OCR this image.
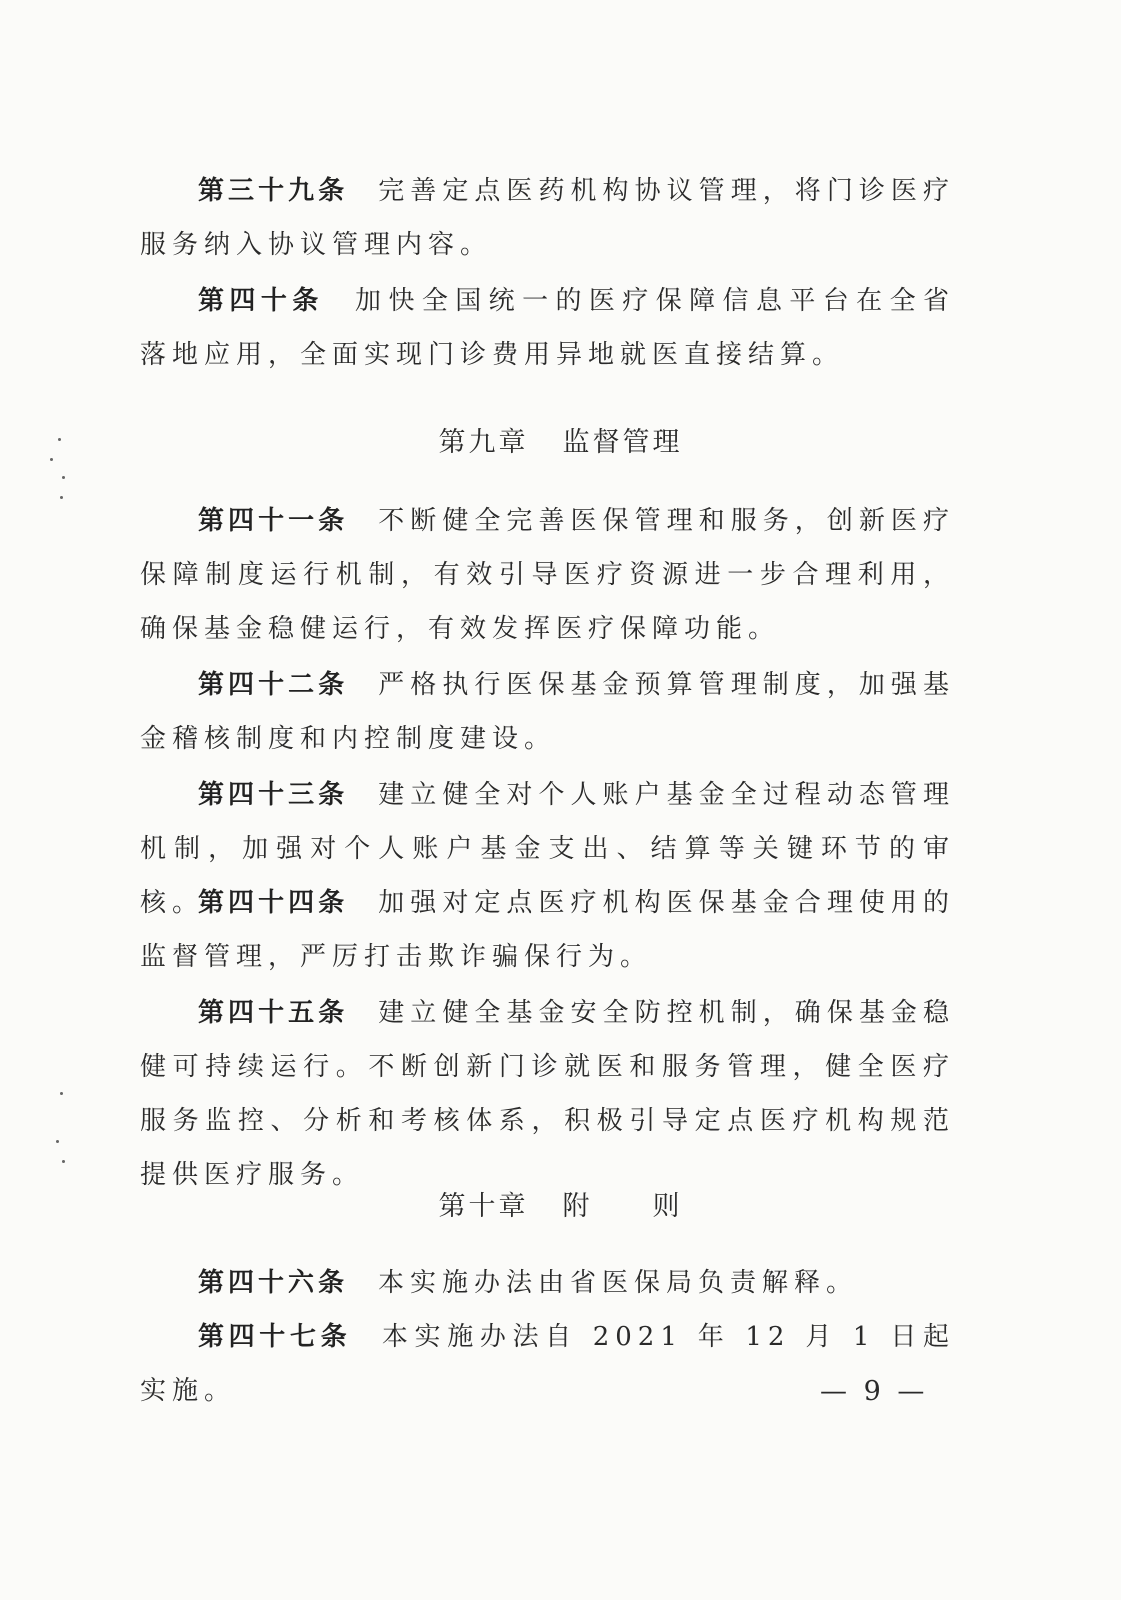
第三十九条 完善定点医药机构协议管理，将门诊医疗服务纳入协议管理内容。

第四十条 加快全国统一的医疗保障信息平台在全省落地应用，全面实现门诊费用异地就医直接结算。

第九章 监督管理

第四十一条 不断健全完善医保管理和服务，创新医疗保障制度运行机制，有效引导医疗资源进一步合理利用，确保基金稳健运行，有效发挥医疗保障功能。

第四十二条 严格执行医保基金预算管理制度，加强基金稽核制度和内控制度建设。

第四十三条 建立健全对个人账户基金全过程动态管理机制，加强对个人账户基金支出、结算等关键环节的审核。

第四十四条 加强对定点医疗机构医保基金合理使用的监督管理，严厉打击欺诈骗保行为。

第四十五条 建立健全基金安全防控机制，确保基金稳健可持续运行。不断创新门诊就医和服务管理，健全医疗服务监控、分析和考核体系，积极引导定点医疗机构规范提供医疗服务。

第十章 附 则

第四十六条 本实施办法由省医保局负责解释。

第四十七条 本实施办法自 2021 年 12 月 1 日起实施。	— 9 —
